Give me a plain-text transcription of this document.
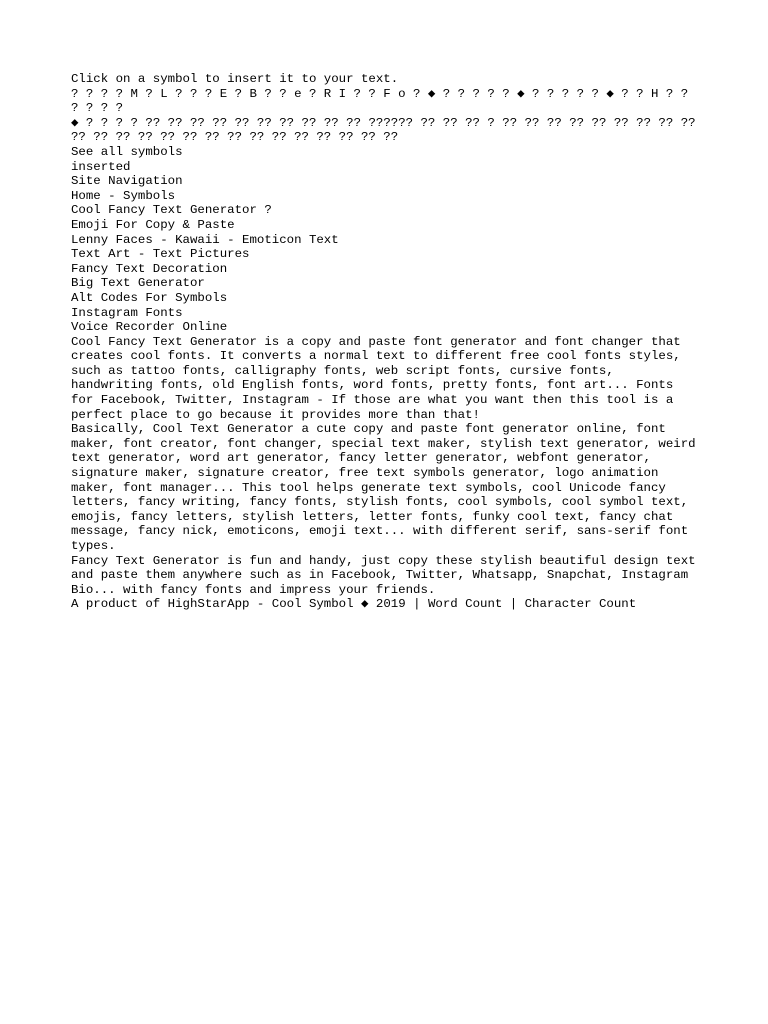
Click on a symbol to insert it to your text.
? ? ? ? M ? L ? ? ? E ? B ? ? e ? R I ? ? F o ? ◆ ? ? ? ? ? ◆ ? ? ? ? ? ◆ ? ? H ? ? ? ? ? ?
◆ ? ? ? ? ?? ?? ?? ?? ?? ?? ?? ?? ?? ?? ?????? ?? ?? ?? ? ?? ?? ?? ?? ?? ?? ?? ?? ?? ?? ?? ?? ?? ?? ?? ?? ?? ?? ?? ?? ?? ?? ?? ??
See all symbols
inserted
Site Navigation
Home - Symbols
Cool Fancy Text Generator ?
Emoji For Copy & Paste
Lenny Faces - Kawaii - Emoticon Text
Text Art - Text Pictures
Fancy Text Decoration
Big Text Generator
Alt Codes For Symbols
Instagram Fonts
Voice Recorder Online

Cool Fancy Text Generator is a copy and paste font generator and font changer that creates cool fonts. It converts a normal text to different free cool fonts styles, such as tattoo fonts, calligraphy fonts, web script fonts, cursive fonts, handwriting fonts, old English fonts, word fonts, pretty fonts, font art... Fonts for Facebook, Twitter, Instagram - If those are what you want then this tool is a perfect place to go because it provides more than that!

Basically, Cool Text Generator a cute copy and paste font generator online, font maker, font creator, font changer, special text maker, stylish text generator, weird text generator, word art generator, fancy letter generator, webfont generator, signature maker, signature creator, free text symbols generator, logo animation maker, font manager... This tool helps generate text symbols, cool Unicode fancy letters, fancy writing, fancy fonts, stylish fonts, cool symbols, cool symbol text, emojis, fancy letters, stylish letters, letter fonts, funky cool text, fancy chat message, fancy nick, emoticons, emoji text... with different serif, sans-serif font types.

Fancy Text Generator is fun and handy, just copy these stylish beautiful design text and paste them anywhere such as in Facebook, Twitter, Whatsapp, Snapchat, Instagram Bio... with fancy fonts and impress your friends.

A product of HighStarApp - Cool Symbol ◆ 2019 | Word Count | Character Count
